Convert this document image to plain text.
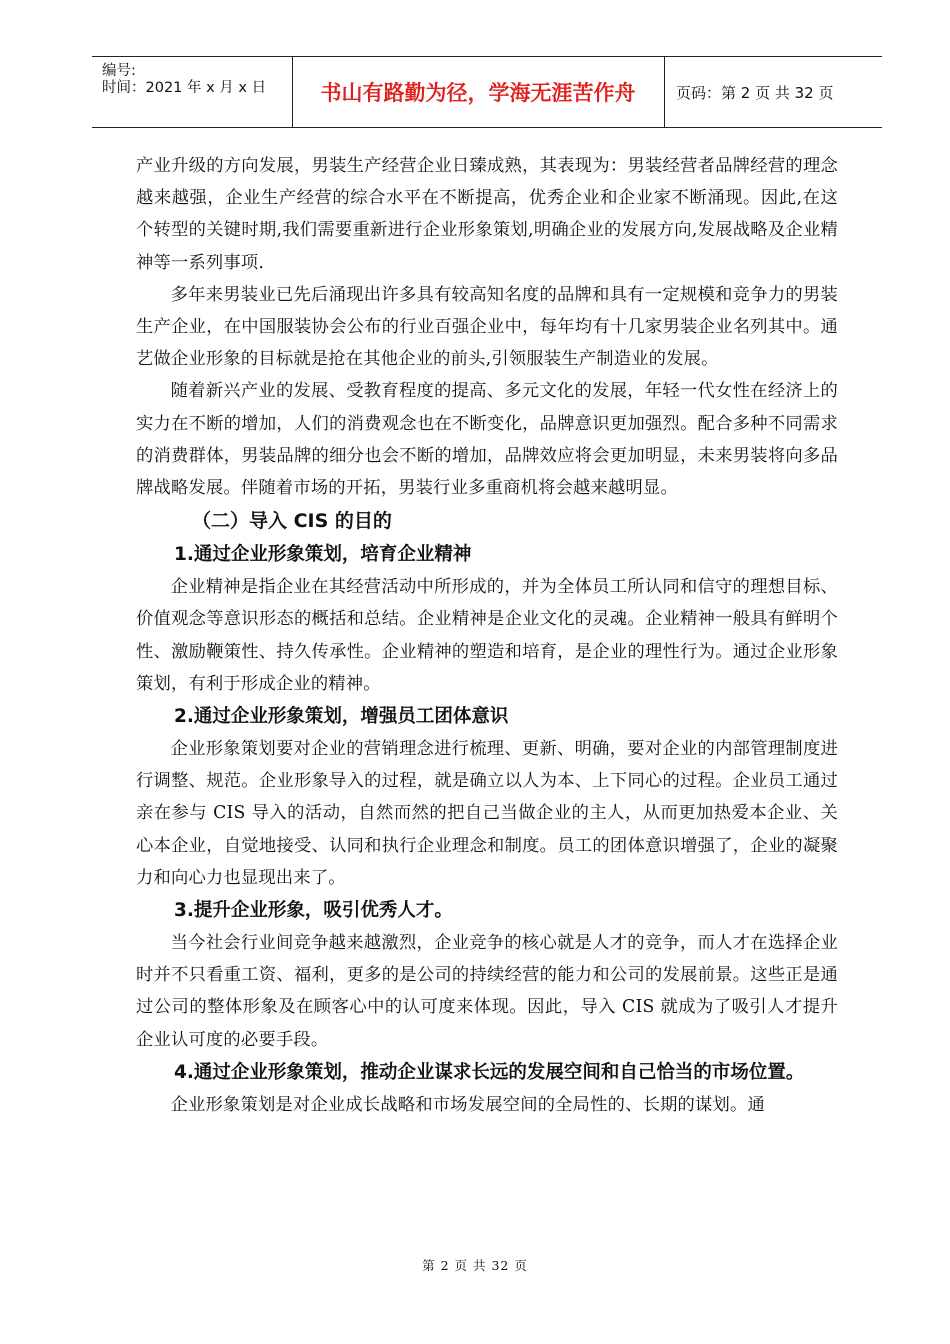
编号:
时间：2021 年 x 月 x 日	书山有路勤为径，学海无涯苦作舟	页码：第 2 页 共 32 页

产业升级的方向发展，男装生产经营企业日臻成熟，其表现为：男装经营者品牌经营的理念越来越强，企业生产经营的综合水平在不断提高，优秀企业和企业家不断涌现。因此,在这个转型的关键时期,我们需要重新进行企业形象策划,明确企业的发展方向,发展战略及企业精神等一系列事项.

多年来男装业已先后涌现出许多具有较高知名度的品牌和具有一定规模和竞争力的男装生产企业，在中国服装协会公布的行业百强企业中，每年均有十几家男装企业名列其中。通艺做企业形象的目标就是抢在其他企业的前头,引领服装生产制造业的发展。

随着新兴产业的发展、受教育程度的提高、多元文化的发展，年轻一代女性在经济上的实力在不断的增加，人们的消费观念也在不断变化，品牌意识更加强烈。配合多种不同需求的消费群体，男装品牌的细分也会不断的增加，品牌效应将会更加明显，未来男装将向多品牌战略发展。伴随着市场的开拓，男装行业多重商机将会越来越明显。

（二）导入 CIS 的目的

1.通过企业形象策划，培育企业精神

企业精神是指企业在其经营活动中所形成的，并为全体员工所认同和信守的理想目标、价值观念等意识形态的概括和总结。企业精神是企业文化的灵魂。企业精神一般具有鲜明个性、激励鞭策性、持久传承性。企业精神的塑造和培育，是企业的理性行为。通过企业形象策划，有利于形成企业的精神。

2.通过企业形象策划，增强员工团体意识

企业形象策划要对企业的营销理念进行梳理、更新、明确，要对企业的内部管理制度进行调整、规范。企业形象导入的过程，就是确立以人为本、上下同心的过程。企业员工通过亲在参与 CIS 导入的活动，自然而然的把自己当做企业的主人，从而更加热爱本企业、关心本企业，自觉地接受、认同和执行企业理念和制度。员工的团体意识增强了，企业的凝聚力和向心力也显现出来了。

3.提升企业形象，吸引优秀人才。

当今社会行业间竞争越来越激烈，企业竞争的核心就是人才的竞争，而人才在选择企业时并不只看重工资、福利，更多的是公司的持续经营的能力和公司的发展前景。这些正是通过公司的整体形象及在顾客心中的认可度来体现。因此，导入 CIS 就成为了吸引人才提升企业认可度的必要手段。

4.通过企业形象策划，推动企业谋求长远的发展空间和自己恰当的市场位置。

企业形象策划是对企业成长战略和市场发展空间的全局性的、长期的谋划。通

第 2 页 共 32 页
